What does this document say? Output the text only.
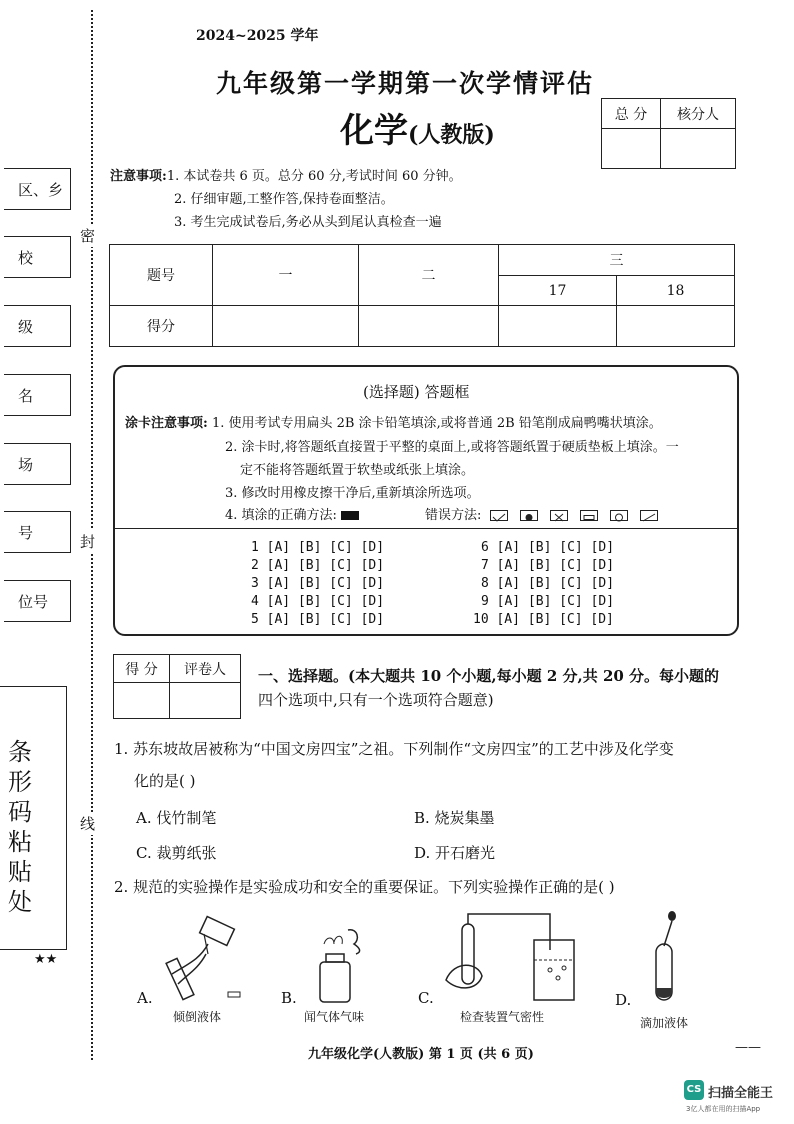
区、乡
校
级
名
场
号
位号
条形码粘贴处
★★
密
封
线
2024~2025 学年
九年级第一学期第一次学情评估
化学(人教版)
总 分	核分人

注意事项:1. 本试卷共 6 页。总分 60 分,考试时间 60 分钟。
2. 仔细审题,工整作答,保持卷面整洁。
3. 考生完成试卷后,务必从头到尾认真检查一遍
题号	一	二	三	
			17	18
得分				
(选择题) 答题框
涂卡注意事项: 1. 使用考试专用扁头 2B 涂卡铅笔填涂,或将普通 2B 铅笔削成扁鸭嘴状填涂。
2. 涂卡时,将答题纸直接置于平整的桌面上,或将答题纸置于硬质垫板上填涂。一
定不能将答题纸置于软垫或纸张上填涂。
3. 修改时用橡皮擦干净后,重新填涂所选项。
4. 填涂的正确方法:	错误方法:
1 [A] [B] [C] [D]
2 [A] [B] [C] [D]
3 [A] [B] [C] [D]
4 [A] [B] [C] [D]
5 [A] [B] [C] [D]
6 [A] [B] [C] [D]
7 [A] [B] [C] [D]
8 [A] [B] [C] [D]
9 [A] [B] [C] [D]
10 [A] [B] [C] [D]
得 分	评卷人
	一、选择题。(本大题共 10 个小题,每小题 2 分,共 20 分。每小题的
四个选项中,只有一个选项符合题意)
1. 苏东坡故居被称为“中国文房四宝”之祖。下列制作“文房四宝”的工艺中涉及化学变
化的是( )
A. 伐竹制笔	B. 烧炭集墨
C. 裁剪纸张	D. 开石磨光
2. 规范的实验操作是实验成功和安全的重要保证。下列实验操作正确的是( )
A.
倾倒液体
B.
闻气体气味
C.
检查装置气密性
D.
滴加液体
九年级化学(人教版) 第 1 页 (共 6 页)	——
CS 扫描全能王
3亿人都在用的扫描App
